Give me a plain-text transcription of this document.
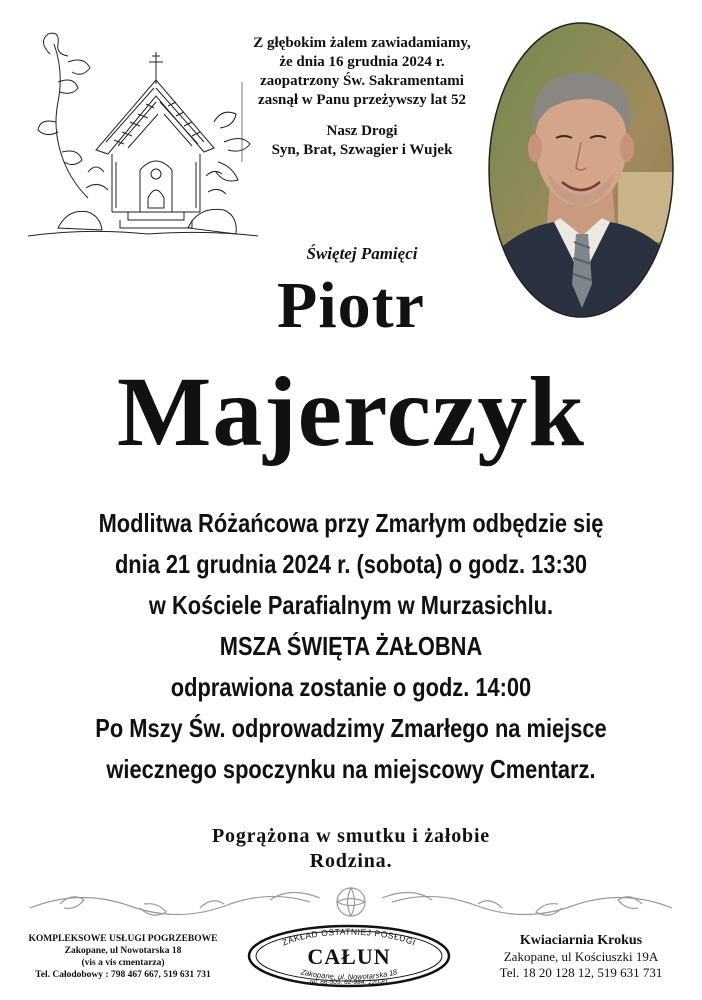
Z głębokim żalem zawiadamiamy,
że dnia 16 grudnia 2024 r.
zaopatrzony Św. Sakramentami
zasnął w Panu przeżywszy lat 52
Nasz Drogi
Syn, Brat, Szwagier i Wujek
Świętej Pamięci
Piotr
Majerczyk
Modlitwa Różańcowa przy Zmarłym odbędzie się
dnia 21 grudnia 2024 r. (sobota) o godz. 13:30
w Kościele Parafialnym w Murzasichlu.
MSZA ŚWIĘTA ŻAŁOBNA
odprawiona zostanie o godz. 14:00
Po Mszy Św. odprowadzimy Zmarłego na miejsce
wiecznego spoczynku na miejscowy Cmentarz.
Pogrążona w smutku i żałobie
Rodzina.
KOMPLEKSOWE USŁUGI POGRZEBOWE
Zakopane, ul Nowotarska 18
(vis a vis cmentarza)
Tel. Całodobowy : 798 467 667, 519 631 731
ZAKŁAD OSTATNIEJ POSŁUGI
CAŁUN
Zakopane, ul. Nowotarska 18
tel. 66-505, 62-984, 120-81
Kwiaciarnia Krokus
Zakopane, ul Kościuszki 19A
Tel. 18 20 128 12, 519 631 731
